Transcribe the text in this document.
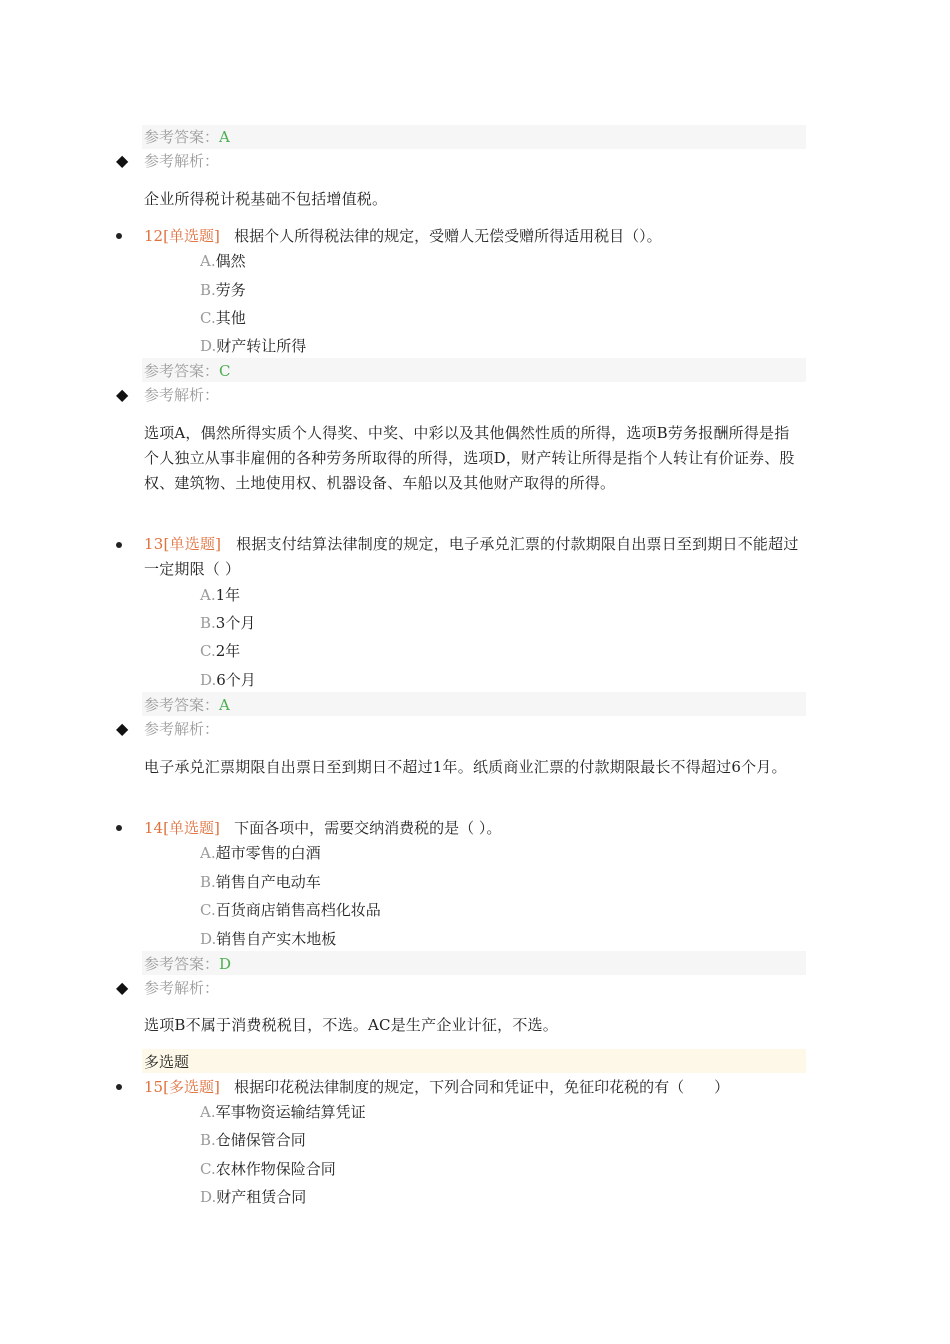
参考答案：A
◆ 参考解析：
企业所得税计税基础不包括增值税。
12[单选题] 根据个人所得税法律的规定，受赠人无偿受赠所得适用税目（）。
A.偶然
B.劳务
C.其他
D.财产转让所得
参考答案：C
◆ 参考解析：
选项A，偶然所得实质个人得奖、中奖、中彩以及其他偶然性质的所得，选项B劳务报酬所得是指个人独立从事非雇佣的各种劳务所取得的所得，选项D，财产转让所得是指个人转让有价证券、股权、建筑物、土地使用权、机器设备、车船以及其他财产取得的所得。
13[单选题] 根据支付结算法律制度的规定，电子承兑汇票的付款期限自出票日至到期日不能超过一定期限（ ）
A.1年
B.3个月
C.2年
D.6个月
参考答案：A
◆ 参考解析：
电子承兑汇票期限自出票日至到期日不超过1年。纸质商业汇票的付款期限最长不得超过6个月。
14[单选题] 下面各项中，需要交纳消费税的是（ ）。
A.超市零售的白酒
B.销售自产电动车
C.百货商店销售高档化妆品
D.销售自产实木地板
参考答案：D
◆ 参考解析：
选项B不属于消费税税目，不选。AC是生产企业计征，不选。
多选题
15[多选题] 根据印花税法律制度的规定，下列合同和凭证中，免征印花税的有（　　）
A.军事物资运输结算凭证
B.仓储保管合同
C.农林作物保险合同
D.财产租赁合同
